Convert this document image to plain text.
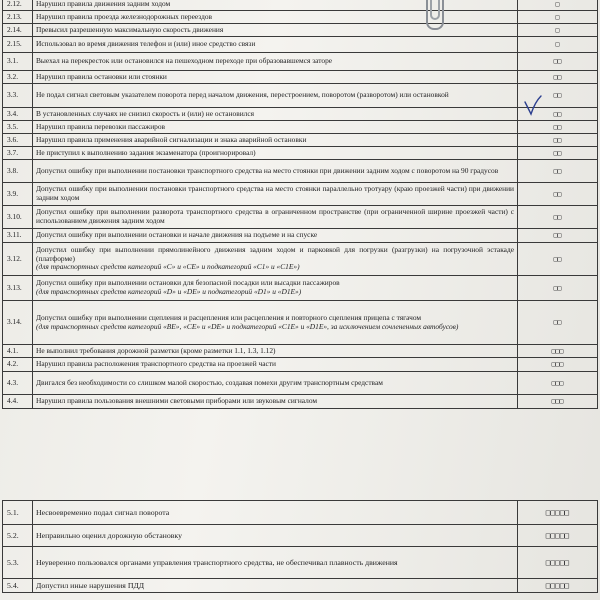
2.12.	Нарушил правила движения задним ходом	□
2.13.	Нарушил правила проезда железнодорожных переездов	□
2.14.	Превысил разрешенную максимальную скорость движения	□
2.15.	Использовал во время движения телефон и (или) иное средство связи	□
3.1.	Выехал на перекресток или остановился на пешеходном переходе при образовавшемся заторе	□□
3.2.	Нарушил правила остановки или стоянки	□□
3.3.	Не подал сигнал световым указателем поворота перед началом движения, перестроением, поворотом (разворотом) или остановкой	□□
3.4.	В установленных случаях не снизил скорость и (или) не остановился	□□
3.5.	Нарушил правила перевозки пассажиров	□□
3.6.	Нарушил правила применения аварийной сигнализации и знака аварийной остановки	□□
3.7.	Не приступил к выполнению задания экзаменатора (проигнорировал)	□□
3.8.	Допустил ошибку при выполнении постановки транспортного средства на место стоянки при движении задним ходом с поворотом на 90 градусов	□□
3.9.	Допустил ошибку при выполнении постановки транспортного средства на место стоянки параллельно тротуару (краю проезжей части) при движении задним ходом	□□
3.10.	Допустил ошибку при выполнении разворота транспортного средства в ограниченном пространстве (при ограниченной ширине проезжей части) с использованием движения задним ходом	□□
3.11.	Допустил ошибку при выполнении остановки и начале движения на подъеме и на спуске	□□
3.12.	Допустил ошибку при выполнении прямолинейного движения задним ходом и парковкой для погрузки (разгрузки) на погрузочной эстакаде (платформе)
(для транспортных средств категорий «C» и «CE» и подкатегорий «C1» и «C1E»)	□□
3.13.	Допустил ошибку при выполнении остановки для безопасной посадки или высадки пассажиров
(для транспортных средств категорий «D» и «DE» и подкатегорий «D1» и «D1E»)	□□
3.14.	Допустил ошибку при выполнении сцепления и расцепления или расцепления и повторного сцепления прицепа с тягачом
(для транспортных средств категорий «BE», «CE» и «DE» и подкатегорий «C1E» и «D1E», за исключением сочлененных автобусов)	□□
4.1.	Не выполнил требования дорожной разметки (кроме разметки 1.1, 1.3, 1.12)	□□□
4.2.	Нарушил правила расположения транспортного средства на проезжей части	□□□
4.3.	Двигался без необходимости со слишком малой скоростью, создавая помехи другим транспортным средствам	□□□
4.4.	Нарушил правила пользования внешними световыми приборами или звуковым сигналом	□□□
5.1.	Несвоевременно подал сигнал поворота	□□□□□
5.2.	Неправильно оценил дорожную обстановку	□□□□□
5.3.	Неуверенно пользовался органами управления транспортного средства, не обеспечивал плавность движения	□□□□□
5.4.	Допустил иные нарушения ПДД	□□□□□
